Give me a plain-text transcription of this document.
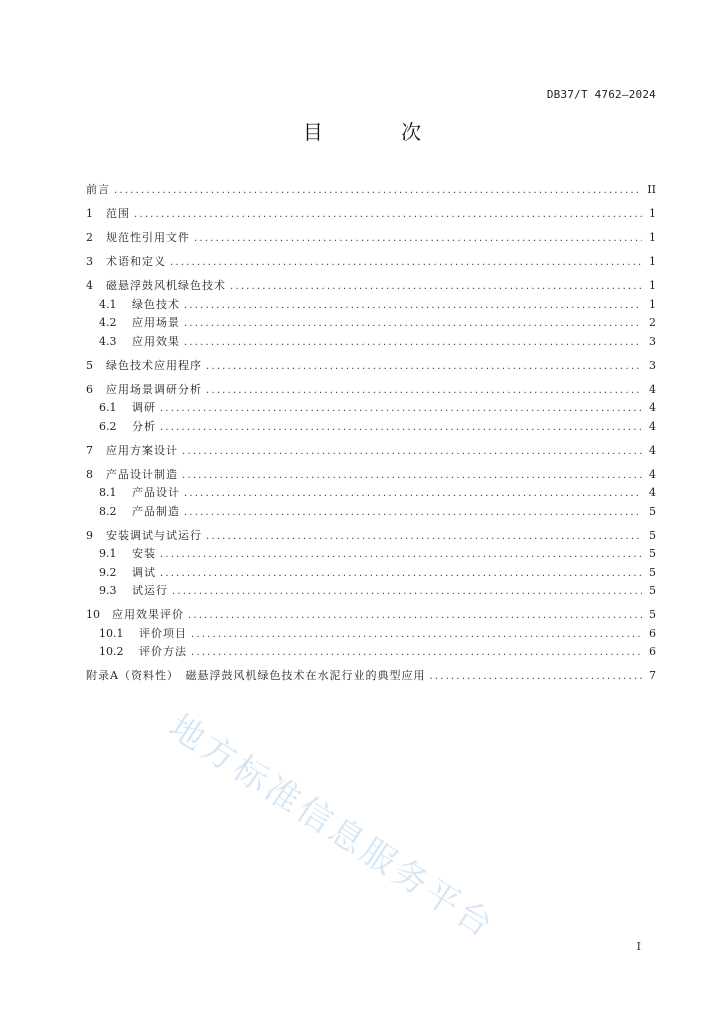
DB37/T 4762—2024
目 次
前言 .....	II
1	范围 .....	1
2	规范性引用文件 .....	1
3	术语和定义 .....	1
4	磁悬浮鼓风机绿色技术 .....	1
4.1	绿色技术 .....	1
4.2	应用场景 .....	2
4.3	应用效果 .....	3
5	绿色技术应用程序 .....	3
6	应用场景调研分析 .....	4
6.1	调研 .....	4
6.2	分析 .....	4
7	应用方案设计 .....	4
8	产品设计制造 .....	4
8.1	产品设计 .....	4
8.2	产品制造 .....	5
9	安装调试与试运行 .....	5
9.1	安装 .....	5
9.2	调试 .....	5
9.3	试运行 .....	5
10	应用效果评价 .....	5
10.1	评价项目 .....	6
10.2	评价方法 .....	6
附录A（资料性）　磁悬浮鼓风机绿色技术在水泥行业的典型应用 .....	7
地方标准信息服务平台	I
